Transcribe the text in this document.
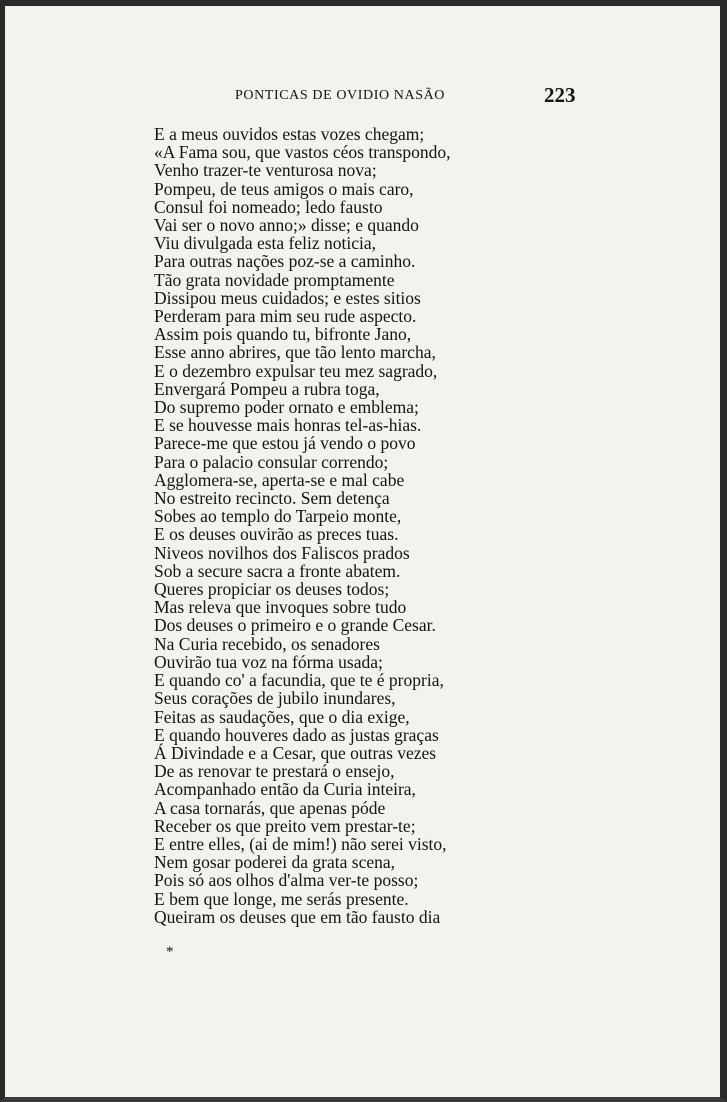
PONTICAS DE OVIDIO NASÃO	223
E a meus ouvidos estas vozes chegam;
«A Fama sou, que vastos céos transpondo,
Venho trazer-te venturosa nova;
Pompeu, de teus amigos o mais caro,
Consul foi nomeado; ledo fausto
Vai ser o novo anno;» disse; e quando
Viu divulgada esta feliz noticia,
Para outras nações poz-se a caminho.
Tão grata novidade promptamente
Dissipou meus cuidados; e estes sitios
Perderam para mim seu rude aspecto.
Assim pois quando tu, bifronte Jano,
Esse anno abrires, que tão lento marcha,
E o dezembro expulsar teu mez sagrado,
Envergará Pompeu a rubra toga,
Do supremo poder ornato e emblema;
E se houvesse mais honras tel-as-hias.
Parece-me que estou já vendo o povo
Para o palacio consular correndo;
Agglomera-se, aperta-se e mal cabe
No estreito recincto. Sem detença
Sobes ao templo do Tarpeio monte,
E os deuses ouvirão as preces tuas.
Niveos novilhos dos Faliscos prados
Sob a secure sacra a fronte abatem.
Queres propiciar os deuses todos;
Mas releva que invoques sobre tudo
Dos deuses o primeiro e o grande Cesar.
Na Curia recebido, os senadores
Ouvirão tua voz na fórma usada;
E quando co' a facundia, que te é propria,
Seus corações de jubilo inundares,
Feitas as saudações, que o dia exige,
E quando houveres dado as justas graças
Á Divindade e a Cesar, que outras vezes
De as renovar te prestará o ensejo,
Acompanhado então da Curia inteira,
A casa tornarás, que apenas póde
Receber os que preito vem prestar-te;
E entre elles, (ai de mim!) não serei visto,
Nem gosar poderei da grata scena,
Pois só aos olhos d'alma ver-te posso;
E bem que longe, me serás presente.
Queiram os deuses que em tão fausto dia
*
